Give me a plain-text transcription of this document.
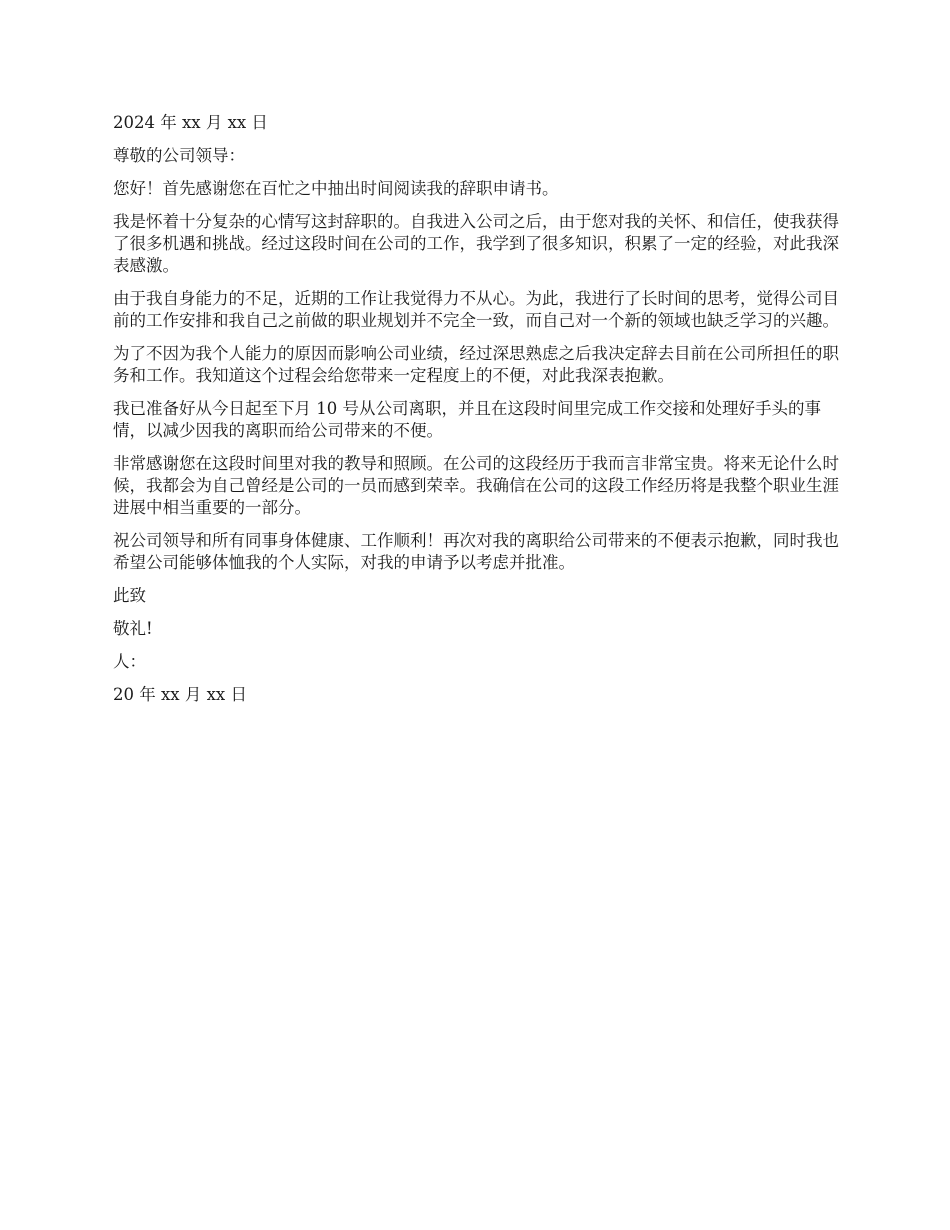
2024 年 xx 月 xx 日

尊敬的公司领导：

您好！首先感谢您在百忙之中抽出时间阅读我的辞职申请书。

我是怀着十分复杂的心情写这封辞职的。自我进入公司之后，由于您对我的关怀、和信任，使我获得了很多机遇和挑战。经过这段时间在公司的工作，我学到了很多知识，积累了一定的经验，对此我深表感激。

由于我自身能力的不足，近期的工作让我觉得力不从心。为此，我进行了长时间的思考，觉得公司目前的工作安排和我自己之前做的职业规划并不完全一致，而自己对一个新的领域也缺乏学习的兴趣。

为了不因为我个人能力的原因而影响公司业绩，经过深思熟虑之后我决定辞去目前在公司所担任的职务和工作。我知道这个过程会给您带来一定程度上的不便，对此我深表抱歉。

我已准备好从今日起至下月 10 号从公司离职，并且在这段时间里完成工作交接和处理好手头的事情，以减少因我的离职而给公司带来的不便。

非常感谢您在这段时间里对我的教导和照顾。在公司的这段经历于我而言非常宝贵。将来无论什么时候，我都会为自己曾经是公司的一员而感到荣幸。我确信在公司的这段工作经历将是我整个职业生涯进展中相当重要的一部分。

祝公司领导和所有同事身体健康、工作顺利！再次对我的离职给公司带来的不便表示抱歉，同时我也希望公司能够体恤我的个人实际，对我的申请予以考虑并批准。

此致

敬礼!

人：

20 年 xx 月 xx 日
